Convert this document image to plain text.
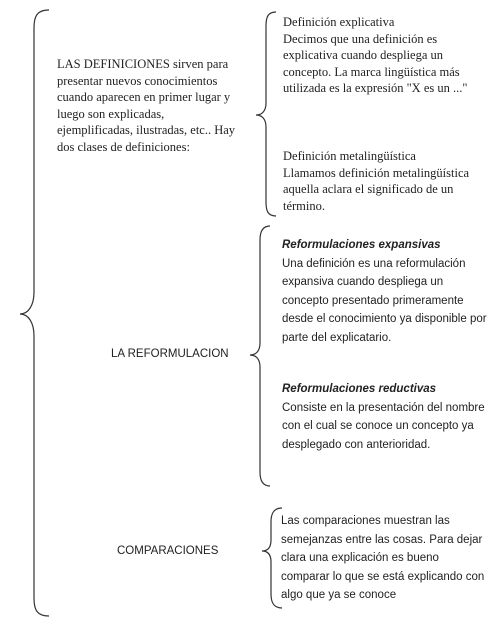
LAS DEFINICIONES sirven para presentar nuevos conocimientos cuando aparecen en primer lugar y luego son explicadas, ejemplificadas, ilustradas, etc.. Hay dos clases de definiciones:

Definición explicativa

Decimos que una definición es explicativa cuando despliega un concepto. La marca lingüística más utilizada es la expresión "X es un ..."

Definición metalingüística

Llamamos definición metalingüística aquella aclara el significado de un término.

LA REFORMULACION

Reformulaciones expansivas

Una definición es una reformulación expansiva cuando despliega un concepto presentado primeramente desde el conocimiento ya disponible por parte del explicatario.

Reformulaciones reductivas

Consiste en la presentación del nombre con el cual se conoce un concepto ya desplegado con anterioridad.

COMPARACIONES

Las comparaciones muestran las semejanzas entre las cosas. Para dejar clara una explicación es bueno comparar lo que se está explicando con algo que ya se conoce
